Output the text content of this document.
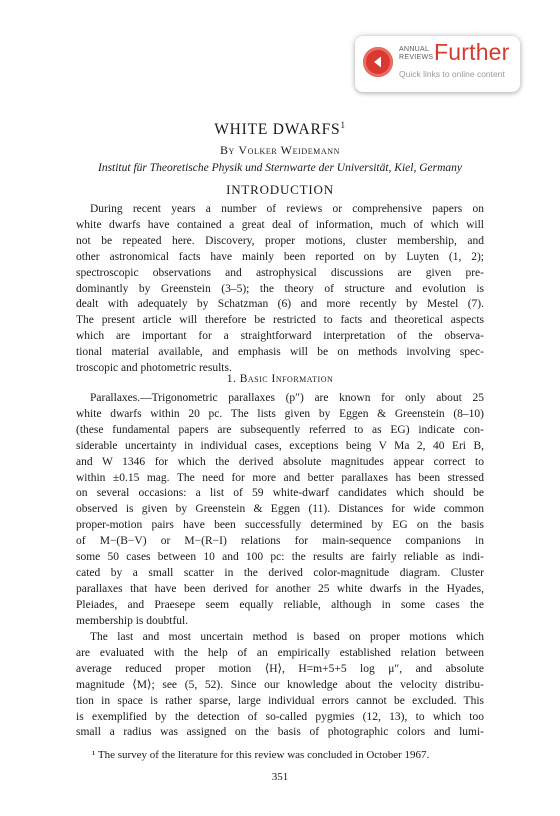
ANNUAL
REVIEWS Further
Quick links to online content
WHITE DWARFS$^1$
By Volker Weidemann
Institut für Theoretische Physik und Sternwarte der Universität, Kiel, Germany
INTRODUCTION
During recent years a number of reviews or comprehensive papers on
white dwarfs have contained a great deal of information, much of which will
not be repeated here. Discovery, proper motions, cluster membership, and
other astronomical facts have mainly been reported on by Luyten (1, 2);
spectroscopic observations and astrophysical discussions are given pre-
dominantly by Greenstein (3–5); the theory of structure and evolution is
dealt with adequately by Schatzman (6) and more recently by Mestel (7).
The present article will therefore be restricted to facts and theoretical aspects
which are important for a straightforward interpretation of the observa-
tional material available, and emphasis will be on methods involving spec-
troscopic and photometric results.
1. Basic Information
Parallaxes.—Trigonometric parallaxes (p″) are known for only about 25
white dwarfs within 20 pc. The lists given by Eggen & Greenstein (8–10)
(these fundamental papers are subsequently referred to as EG) indicate con-
siderable uncertainty in individual cases, exceptions being V Ma 2, 40 Eri B,
and W 1346 for which the derived absolute magnitudes appear correct to
within ±0.15 mag. The need for more and better parallaxes has been stressed
on several occasions: a list of 59 white-dwarf candidates which should be
observed is given by Greenstein & Eggen (11). Distances for wide common
proper-motion pairs have been successfully determined by EG on the basis
of M−(B−V) or M−(R−I) relations for main-sequence companions in
some 50 cases between 10 and 100 pc: the results are fairly reliable as indi-
cated by a small scatter in the derived color-magnitude diagram. Cluster
parallaxes that have been derived for another 25 white dwarfs in the Hyades,
Pleiades, and Praesepe seem equally reliable, although in some cases the
membership is doubtful.
The last and most uncertain method is based on proper motions which
are evaluated with the help of an empirically established relation between
average reduced proper motion ⟨H⟩, H=m+5+5 log μ″, and absolute
magnitude ⟨M⟩; see (5, 52). Since our knowledge about the velocity distribu-
tion in space is rather sparse, large individual errors cannot be excluded. This
is exemplified by the detection of so-called pygmies (12, 13), to which too
small a radius was assigned on the basis of photographic colors and lumi-
¹ The survey of the literature for this review was concluded in October 1967.
351
